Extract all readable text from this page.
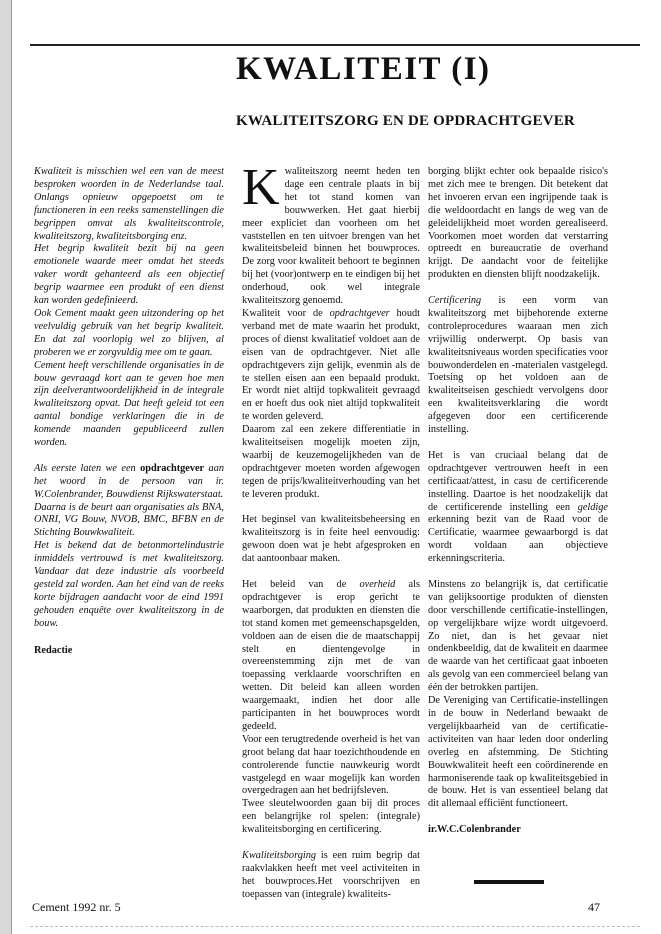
KWALITEIT (I)
KWALITEITSZORG EN DE OPDRACHTGEVER

Kwaliteit is misschien wel een van de meest besproken woorden in de Nederlandse taal. Onlangs opnieuw opgepoetst om te functioneren in een reeks samenstellingen die begrippen omvat als kwaliteitscontrole, kwaliteitszorg, kwaliteitsborging enz.

Het begrip kwaliteit bezit bij na geen emotionele waarde meer omdat het steeds vaker wordt gehanteerd als een objectief begrip waarmee een produkt of een dienst kan worden gedefinieerd.

Ook Cement maakt geen uitzondering op het veelvuldig gebruik van het begrip kwaliteit. En dat zal voorlopig wel zo blijven, al proberen we er zorgvuldig mee om te gaan.

Cement heeft verschillende organisaties in de bouw gevraagd kort aan te geven hoe men zijn deelverantwoordelijkheid in de integrale kwaliteitszorg opvat. Dat heeft geleid tot een aantal bondige verklaringen die in de komende maanden gepubliceerd zullen worden.

Als eerste laten we een opdrachtgever aan het woord in de persoon van ir. W.Colenbrander, Bouwdienst Rijkswaterstaat.

Daarna is de beurt aan organisaties als BNA, ONRI, VG Bouw, NVOB, BMC, BFBN en de Stichting Bouwkwaliteit.

Het is bekend dat de betonmortelindustrie inmiddels vertrouwd is met kwaliteitszorg. Vandaar dat deze industrie als voorbeeld gesteld zal worden. Aan het eind van de reeks korte bijdragen aandacht voor de eind 1991 gehouden enquête over kwaliteitszorg in de bouw.

Redactie

Kwaliteitszorg neemt heden ten dage een centrale plaats in bij het tot stand komen van bouwwerken. Het gaat hierbij meer expliciet dan voorheen om het vaststellen en ten uitvoer brengen van het kwaliteitsbeleid binnen het bouwproces. De zorg voor kwaliteit behoort te beginnen bij het (voor)ontwerp en te eindigen bij het onderhoud, ook wel integrale kwaliteitszorg genoemd.

Kwaliteit voor de opdrachtgever houdt verband met de mate waarin het produkt, proces of dienst kwalitatief voldoet aan de eisen van de opdrachtgever. Niet alle opdrachtgevers zijn gelijk, evenmin als de te stellen eisen aan een bepaald produkt. Er wordt niet altijd topkwaliteit gevraagd en er hoeft dus ook niet altijd topkwaliteit te worden geleverd.

Daarom zal een zekere differentiatie in kwaliteitseisen mogelijk moeten zijn, waarbij de keuzemogelijkheden van de opdrachtgever moeten worden afgewogen tegen de prijs/kwaliteitverhouding van het te leveren produkt.

Het beginsel van kwaliteitsbeheersing en kwaliteitszorg is in feite heel eenvoudig: gewoon doen wat je hebt afgesproken en dat aantoonbaar maken.

Het beleid van de overheid als opdrachtgever is erop gericht te waarborgen, dat produkten en diensten die tot stand komen met gemeenschapsgelden, voldoen aan de eisen die de maatschappij stelt en dientengevolge in overeenstemming zijn met de van toepassing verklaarde voorschriften en wetten. Dit beleid kan alleen worden waargemaakt, indien het door alle participanten in het bouwproces wordt gedeeld.

Voor een terugtredende overheid is het van groot belang dat haar toezichthoudende en controlerende functie nauwkeurig wordt vastgelegd en waar mogelijk kan worden overgedragen aan het bedrijfsleven.

Twee sleutelwoorden gaan bij dit proces een belangrijke rol spelen: (integrale) kwaliteitsborging en certificering.

Kwaliteitsborging is een ruim begrip dat raakvlakken heeft met veel activiteiten in het bouwproces.Het voorschrijven en toepassen van (integrale) kwaliteits-

borging blijkt echter ook bepaalde risico's met zich mee te brengen. Dit betekent dat het invoeren ervan een ingrijpende taak is die weldoordacht en langs de weg van de geleidelijkheid moet worden gerealiseerd. Voorkomen moet worden dat verstarring optreedt en bureaucratie de overhand krijgt. De aandacht voor de feitelijke produkten en diensten blijft noodzakelijk.

Certificering is een vorm van kwaliteitszorg met bijbehorende externe controleprocedures waaraan men zich vrijwillig onderwerpt. Op basis van kwaliteitsniveaus worden specificaties voor bouwonderdelen en -materialen vastgelegd. Toetsing op het voldoen aan de kwaliteitseisen geschiedt vervolgens door een kwaliteitsverklaring die wordt afgegeven door een certificerende instelling.

Het is van cruciaal belang dat de opdrachtgever vertrouwen heeft in een certificaat/attest, in casu de certificerende instelling. Daartoe is het noodzakelijk dat de certificerende instelling een geldige erkenning bezit van de Raad voor de Certificatie, waarmee gewaarborgd is dat wordt voldaan aan objectieve erkenningscriteria.

Minstens zo belangrijk is, dat certificatie van gelijksoortige produkten of diensten door verschillende certificatie-instellingen, op vergelijkbare wijze wordt uitgevoerd. Zo niet, dan is het gevaar niet ondenkbeeldig, dat de kwaliteit en daarmee de waarde van het certificaat gaat inboeten als gevolg van een commercieel belang van één der betrokken partijen.

De Vereniging van Certificatie-instellingen in de bouw in Nederland bewaakt de vergelijkbaarheid van de certificatie-activiteiten van haar leden door onderling overleg en afstemming. De Stichting Bouwkwaliteit heeft een coördinerende en harmoniserende taak op kwaliteitsgebied in de bouw. Het is van essentieel belang dat dit allemaal efficiënt functioneert.

ir.W.C.Colenbrander

Cement 1992 nr. 5	47
